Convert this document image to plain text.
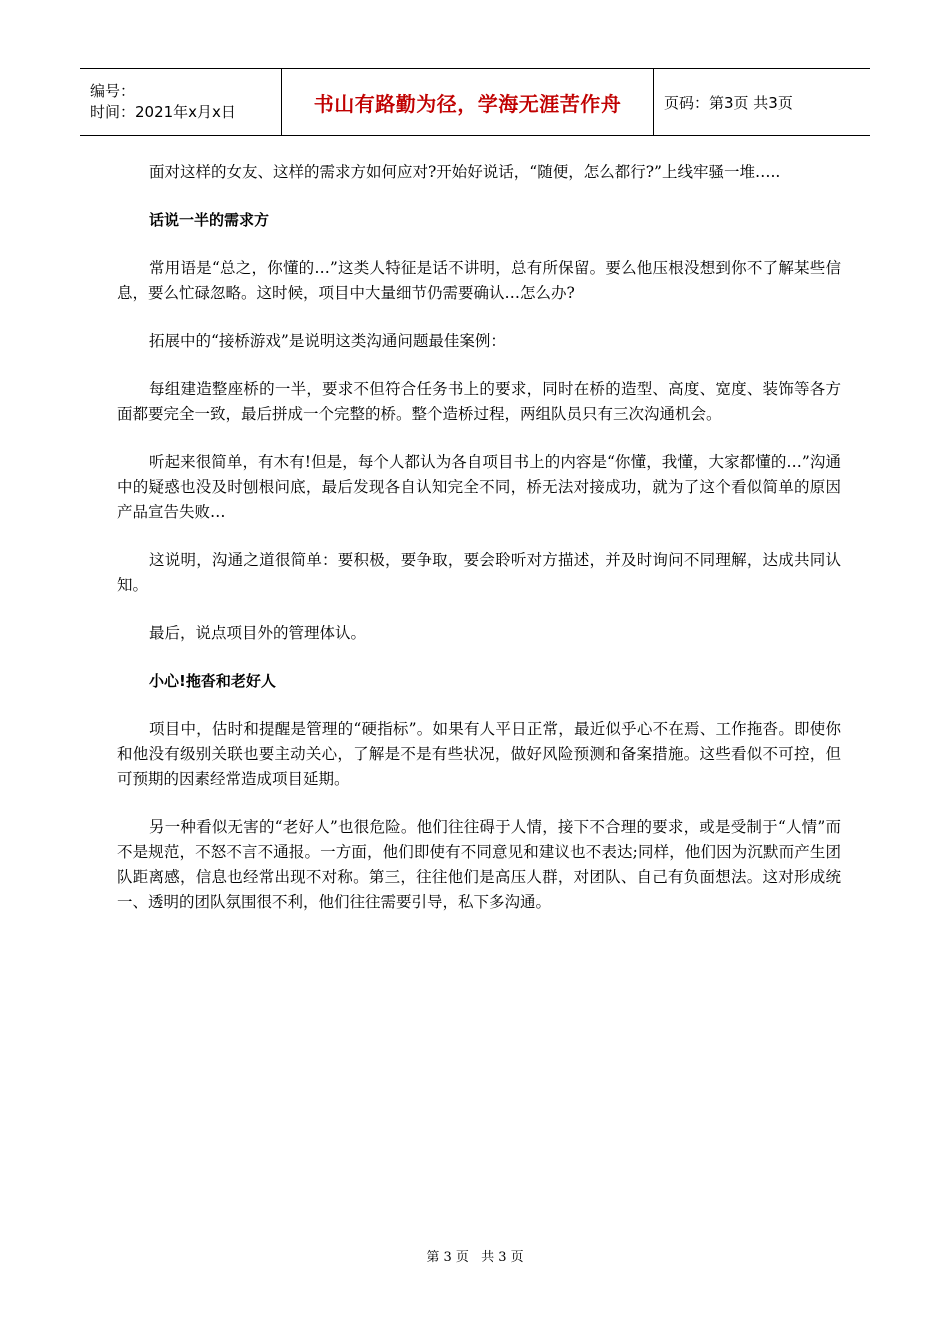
编号：
时间：2021年x月x日	书山有路勤为径，学海无涯苦作舟	页码：第3页 共3页

面对这样的女友、这样的需求方如何应对?开始好说话，“随便，怎么都行?”上线牢骚一堆…..

话说一半的需求方

常用语是“总之，你懂的…”这类人特征是话不讲明，总有所保留。要么他压根没想到你不了解某些信息，要么忙碌忽略。这时候，项目中大量细节仍需要确认…怎么办?

拓展中的“接桥游戏”是说明这类沟通问题最佳案例：

每组建造整座桥的一半，要求不但符合任务书上的要求，同时在桥的造型、高度、宽度、装饰等各方面都要完全一致，最后拼成一个完整的桥。整个造桥过程，两组队员只有三次沟通机会。

听起来很简单，有木有!但是，每个人都认为各自项目书上的内容是“你懂，我懂，大家都懂的…”沟通中的疑惑也没及时刨根问底，最后发现各自认知完全不同，桥无法对接成功，就为了这个看似简单的原因产品宣告失败…

这说明，沟通之道很简单：要积极，要争取，要会聆听对方描述，并及时询问不同理解，达成共同认知。

最后，说点项目外的管理体认。

小心!拖沓和老好人

项目中，估时和提醒是管理的“硬指标”。如果有人平日正常，最近似乎心不在焉、工作拖沓。即使你和他没有级别关联也要主动关心，了解是不是有些状况，做好风险预测和备案措施。这些看似不可控，但可预期的因素经常造成项目延期。

另一种看似无害的“老好人”也很危险。他们往往碍于人情，接下不合理的要求，或是受制于“人情”而不是规范，不怒不言不通报。一方面，他们即使有不同意见和建议也不表达;同样，他们因为沉默而产生团队距离感，信息也经常出现不对称。第三，往往他们是高压人群，对团队、自己有负面想法。这对形成统一、透明的团队氛围很不利，他们往往需要引导，私下多沟通。

第 3 页 共 3 页
